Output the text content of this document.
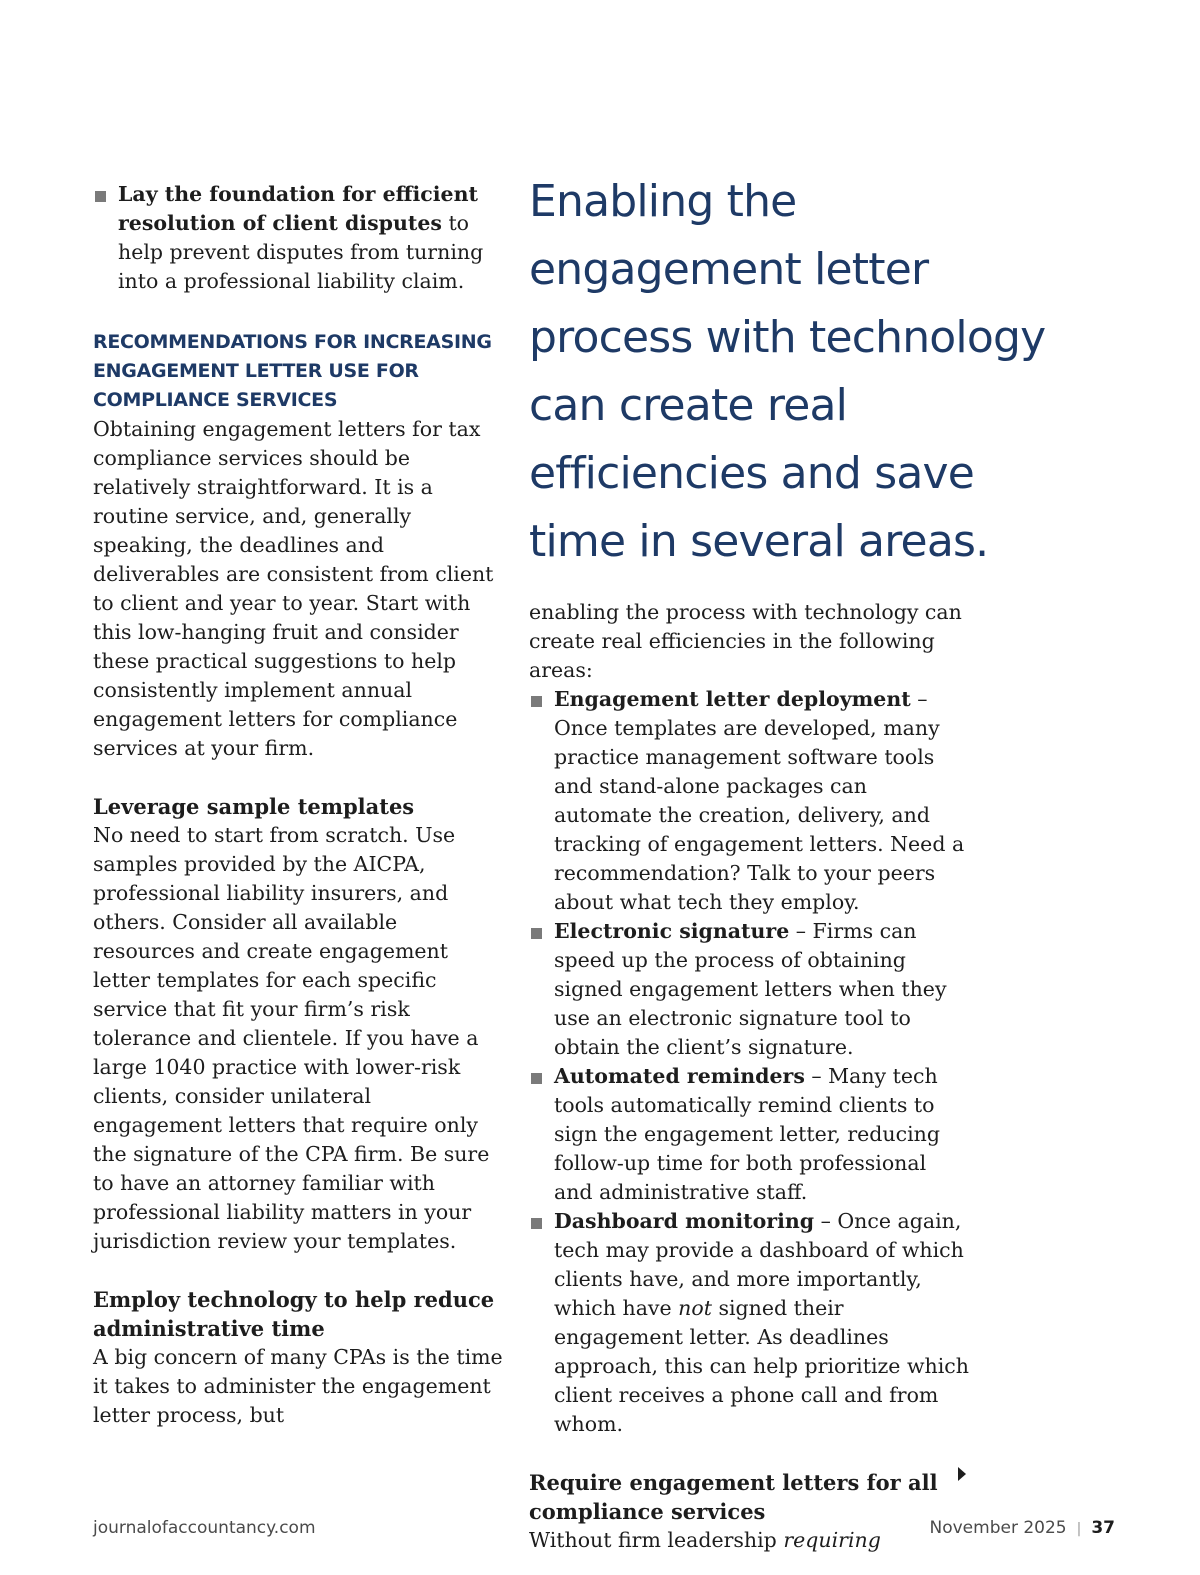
Lay the foundation for efficient resolution of client disputes to help prevent disputes from turning into a professional liability claim.

RECOMMENDATIONS FOR INCREASING ENGAGEMENT LETTER USE FOR COMPLIANCE SERVICES

Obtaining engagement letters for tax compliance services should be relatively straightforward. It is a routine service, and, generally speaking, the deadlines and deliverables are consistent from client to client and year to year. Start with this low-hanging fruit and consider these practical suggestions to help consistently implement annual engagement letters for compliance services at your firm.

Leverage sample templates

No need to start from scratch. Use samples provided by the AICPA, professional liability insurers, and others. Consider all available resources and create engagement letter templates for each specific service that fit your firm’s risk tolerance and clientele. If you have a large 1040 practice with lower-risk clients, consider unilateral engagement letters that require only the signature of the CPA firm. Be sure to have an attorney familiar with professional liability matters in your jurisdiction review your templates.

Employ technology to help reduce administrative time

A big concern of many CPAs is the time it takes to administer the engagement letter process, but

Enabling the engagement letter process with technology can create real efficiencies and save time in several areas.

enabling the process with technology can create real efficiencies in the following areas:

Engagement letter deployment – Once templates are developed, many practice management software tools and stand-alone packages can automate the creation, delivery, and tracking of engagement letters. Need a recommendation? Talk to your peers about what tech they employ.

Electronic signature – Firms can speed up the process of obtaining signed engagement letters when they use an electronic signature tool to obtain the client’s signature.

Automated reminders – Many tech tools automatically remind clients to sign the engagement letter, reducing follow-up time for both professional and administrative staff.

Dashboard monitoring – Once again, tech may provide a dashboard of which clients have, and more importantly, which have not signed their engagement letter. As deadlines approach, this can help prioritize which client receives a phone call and from whom.

Require engagement letters for all compliance services

Without firm leadership requiring

journalofaccountancy.com	November 2025 | 37
